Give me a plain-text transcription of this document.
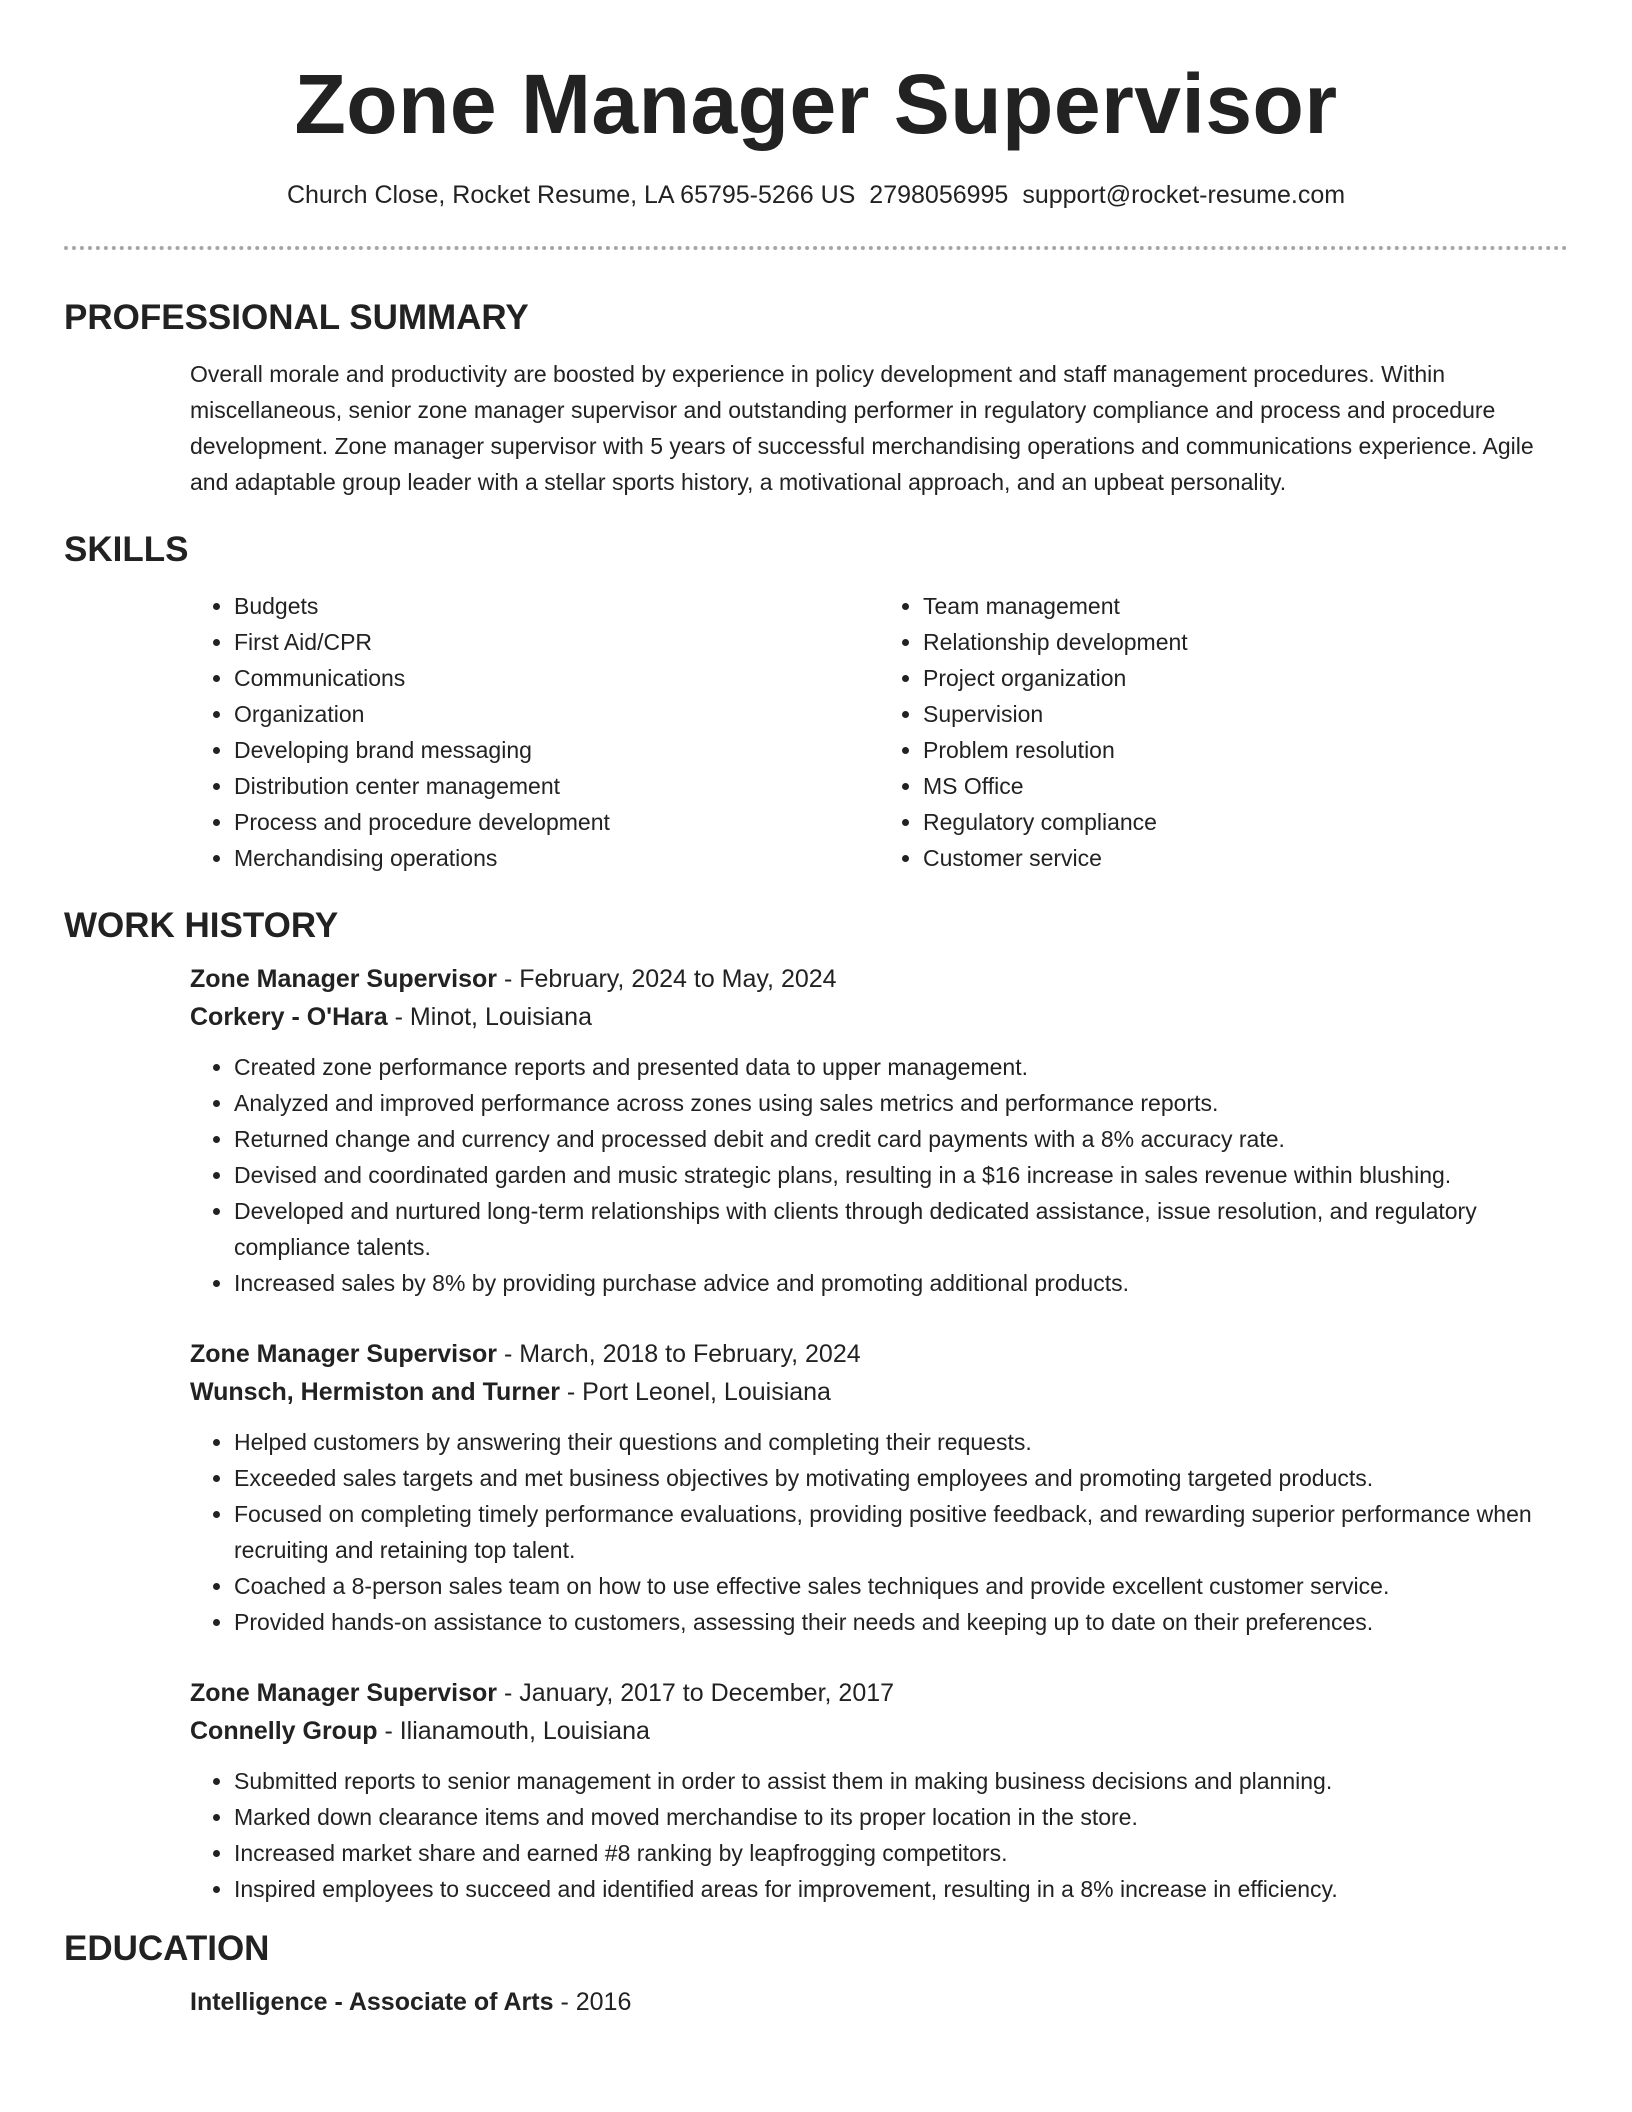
Zone Manager Supervisor
Church Close, Rocket Resume, LA 65795-5266 US 2798056995 support@rocket-resume.com
PROFESSIONAL SUMMARY

Overall morale and productivity are boosted by experience in policy development and staff management procedures. Within miscellaneous, senior zone manager supervisor and outstanding performer in regulatory compliance and process and procedure development. Zone manager supervisor with 5 years of successful merchandising operations and communications experience. Agile and adaptable group leader with a stellar sports history, a motivational approach, and an upbeat personality.

SKILLS
• Budgets
• First Aid/CPR
• Communications
• Organization
• Developing brand messaging
• Distribution center management
• Process and procedure development
• Merchandising operations
• Team management
• Relationship development
• Project organization
• Supervision
• Problem resolution
• MS Office
• Regulatory compliance
• Customer service
WORK HISTORY
Zone Manager Supervisor - February, 2024 to May, 2024
Corkery - O'Hara - Minot, Louisiana
• Created zone performance reports and presented data to upper management.
• Analyzed and improved performance across zones using sales metrics and performance reports.
• Returned change and currency and processed debit and credit card payments with a 8% accuracy rate.
• Devised and coordinated garden and music strategic plans, resulting in a $16 increase in sales revenue within blushing.
• Developed and nurtured long-term relationships with clients through dedicated assistance, issue resolution, and regulatory compliance talents.
• Increased sales by 8% by providing purchase advice and promoting additional products.
Zone Manager Supervisor - March, 2018 to February, 2024
Wunsch, Hermiston and Turner - Port Leonel, Louisiana
• Helped customers by answering their questions and completing their requests.
• Exceeded sales targets and met business objectives by motivating employees and promoting targeted products.
• Focused on completing timely performance evaluations, providing positive feedback, and rewarding superior performance when recruiting and retaining top talent.
• Coached a 8-person sales team on how to use effective sales techniques and provide excellent customer service.
• Provided hands-on assistance to customers, assessing their needs and keeping up to date on their preferences.
Zone Manager Supervisor - January, 2017 to December, 2017
Connelly Group - Ilianamouth, Louisiana
• Submitted reports to senior management in order to assist them in making business decisions and planning.
• Marked down clearance items and moved merchandise to its proper location in the store.
• Increased market share and earned #8 ranking by leapfrogging competitors.
• Inspired employees to succeed and identified areas for improvement, resulting in a 8% increase in efficiency.
EDUCATION
Intelligence - Associate of Arts - 2016
